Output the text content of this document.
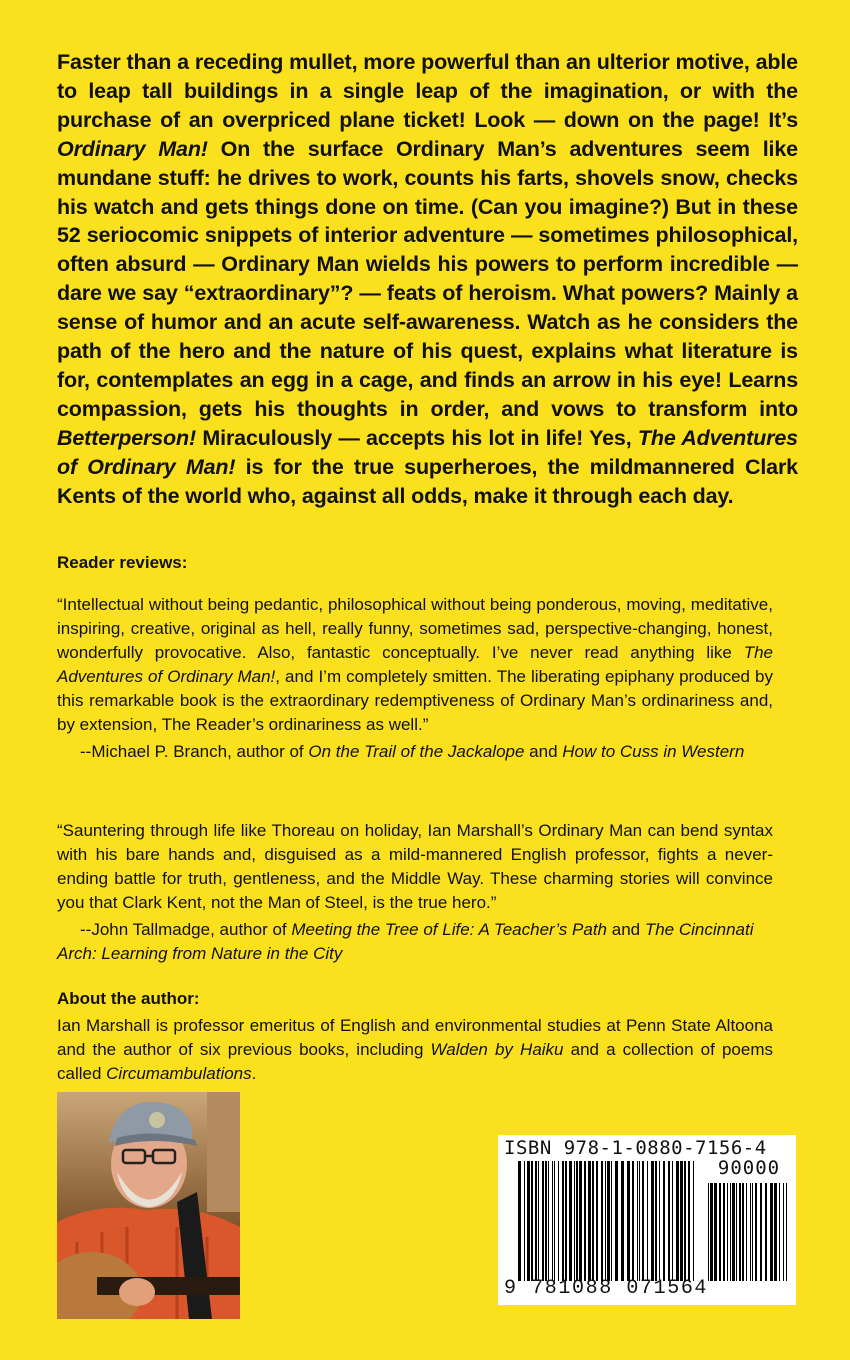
Faster than a receding mullet, more powerful than an ulterior motive, able to leap tall buildings in a single leap of the imagination, or with the purchase of an overpriced plane ticket! Look — down on the page! It’s Ordinary Man! On the surface Ordinary Man’s adventures seem like mundane stuff: he drives to work, counts his farts, shovels snow, checks his watch and gets things done on time. (Can you imagine?) But in these 52 seriocomic snippets of interior adventure — sometimes philosophical, often absurd — Ordinary Man wields his powers to perform incredible — dare we say “extraordinary”? — feats of heroism. What powers? Mainly a sense of humor and an acute self-awareness. Watch as he considers the path of the hero and the nature of his quest, explains what literature is for, contemplates an egg in a cage, and finds an arrow in his eye! Learns compassion, gets his thoughts in order, and vows to transform into Betterperson! Miraculously — accepts his lot in life! Yes, The Adventures of Ordinary Man! is for the true superheroes, the mildmannered Clark Kents of the world who, against all odds, make it through each day.
Reader reviews:
“Intellectual without being pedantic, philosophical without being ponderous, moving, meditative, inspiring, creative, original as hell, really funny, sometimes sad, perspective-changing, honest, wonderfully provocative. Also, fantastic conceptually. I’ve never read anything like The Adventures of Ordinary Man!, and I’m completely smitten. The liberating epiphany produced by this remarkable book is the extraordinary redemptiveness of Ordinary Man’s ordinariness and, by extension, The Reader’s ordinariness as well.”
--Michael P. Branch, author of On the Trail of the Jackalope and How to Cuss in Western
“Sauntering through life like Thoreau on holiday, Ian Marshall’s Ordinary Man can bend syntax with his bare hands and, disguised as a mild-mannered English professor, fights a never-ending battle for truth, gentleness, and the Middle Way. These charming stories will convince you that Clark Kent, not the Man of Steel, is the true hero.”
--John Tallmadge, author of Meeting the Tree of Life: A Teacher’s Path and The Cincinnati Arch: Learning from Nature in the City
About the author:
Ian Marshall is professor emeritus of English and environmental studies at Penn State Altoona and the author of six previous books, including Walden by Haiku and a collection of poems called Circumambulations.
ISBN 978-1-0880-7156-4
90000
9 781088 071564
